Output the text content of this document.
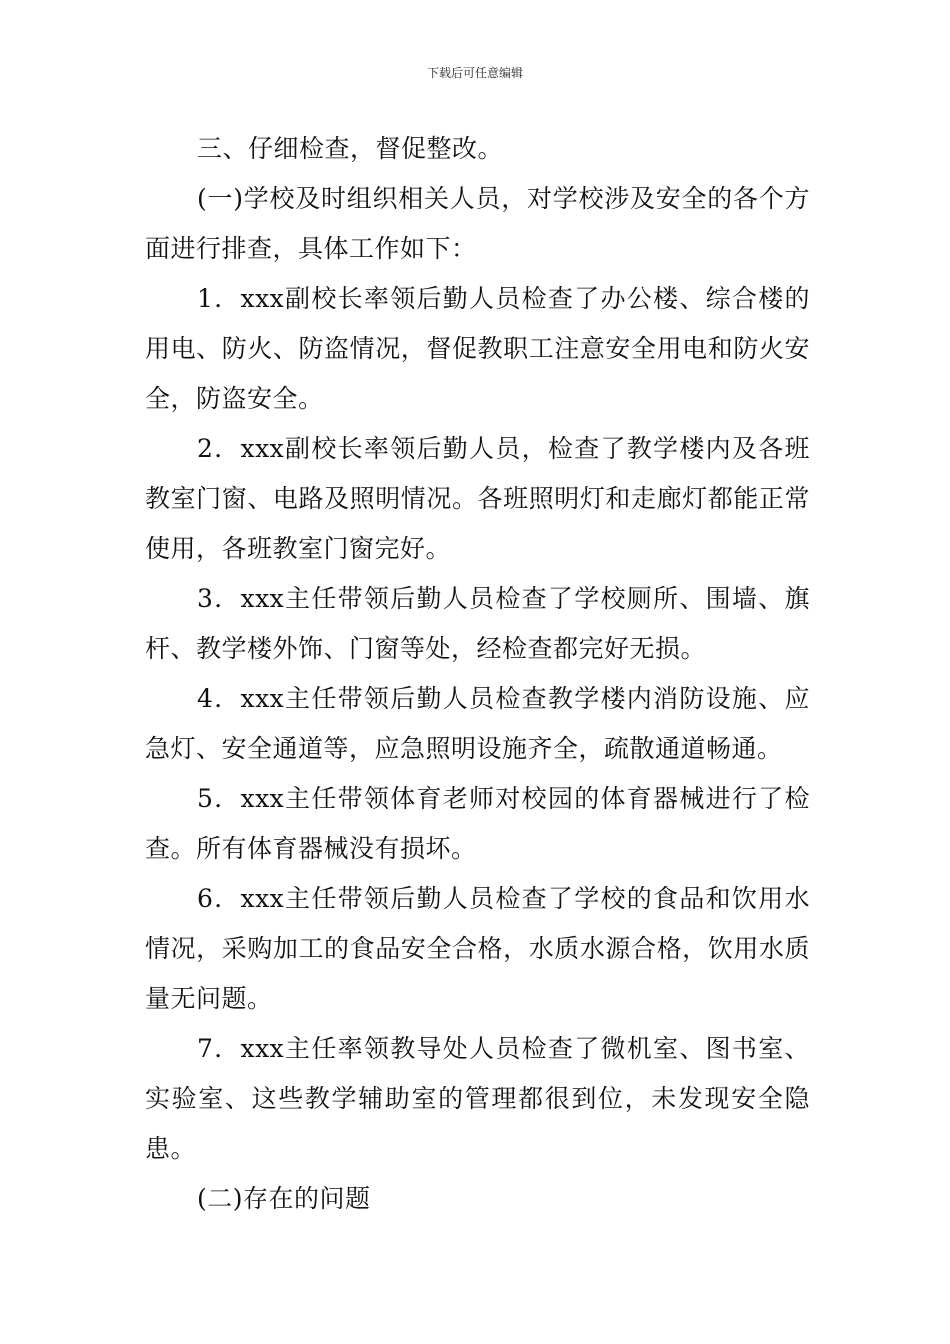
下载后可任意编辑

三、仔细检查，督促整改。

(一)学校及时组织相关人员，对学校涉及安全的各个方面进行排查，具体工作如下：

1．xxx副校长率领后勤人员检查了办公楼、综合楼的用电、防火、防盗情况，督促教职工注意安全用电和防火安全，防盗安全。

2．xxx副校长率领后勤人员，检查了教学楼内及各班教室门窗、电路及照明情况。各班照明灯和走廊灯都能正常使用，各班教室门窗完好。

3．xxx主任带领后勤人员检查了学校厕所、围墙、旗杆、教学楼外饰、门窗等处，经检查都完好无损。

4．xxx主任带领后勤人员检查教学楼内消防设施、应急灯、安全通道等，应急照明设施齐全，疏散通道畅通。

5．xxx主任带领体育老师对校园的体育器械进行了检查。所有体育器械没有损坏。

6．xxx主任带领后勤人员检查了学校的食品和饮用水情况，采购加工的食品安全合格，水质水源合格，饮用水质量无问题。

7．xxx主任率领教导处人员检查了微机室、图书室、实验室、这些教学辅助室的管理都很到位，未发现安全隐患。

(二)存在的问题
